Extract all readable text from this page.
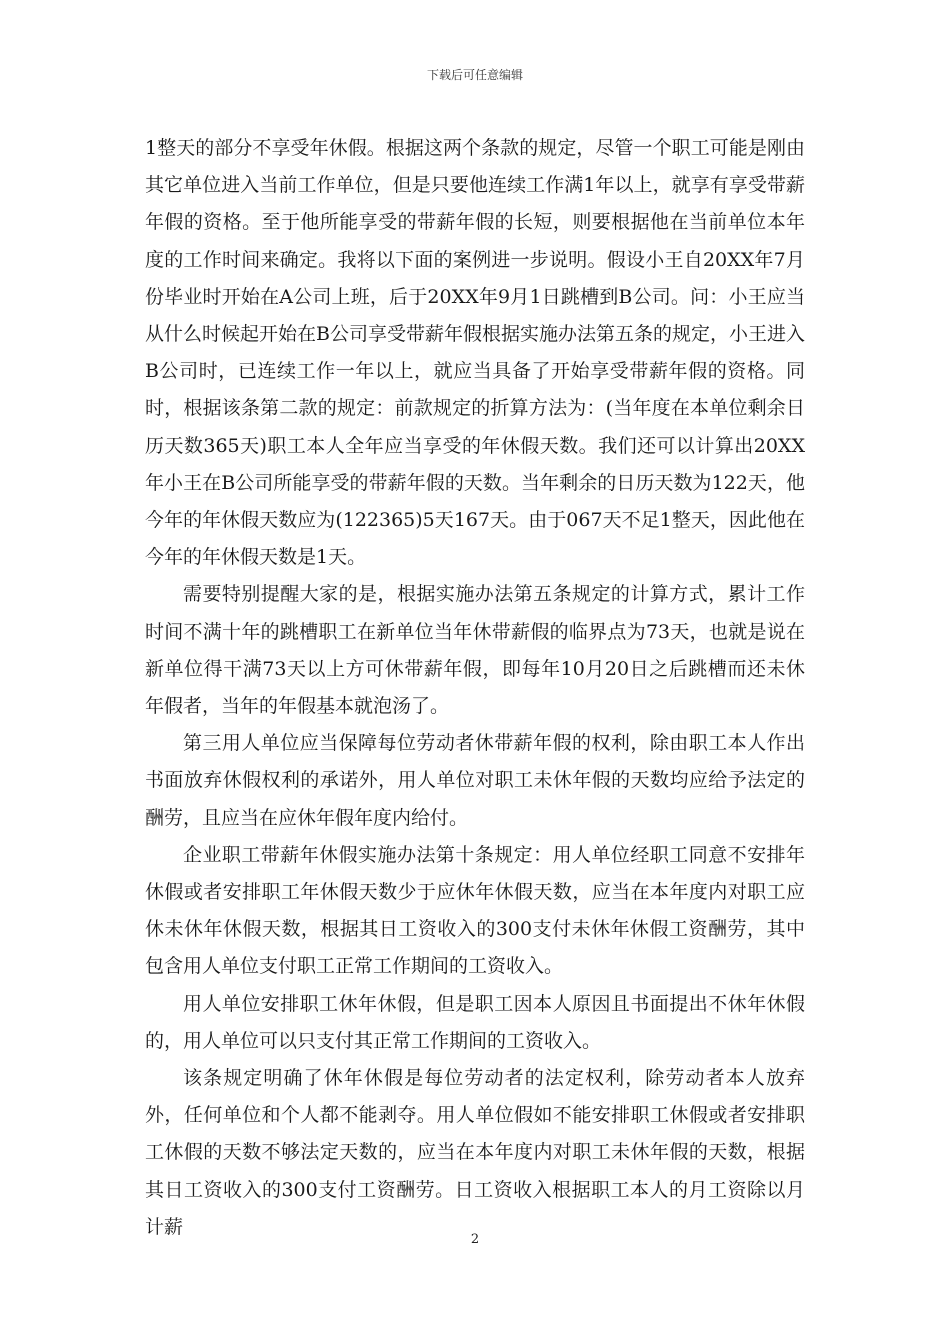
下载后可任意编辑

1整天的部分不享受年休假。根据这两个条款的规定，尽管一个职工可能是刚由其它单位进入当前工作单位，但是只要他连续工作满1年以上，就享有享受带薪年假的资格。至于他所能享受的带薪年假的长短，则要根据他在当前单位本年度的工作时间来确定。我将以下面的案例进一步说明。假设小王自20XX年7月份毕业时开始在A公司上班，后于20XX年9月1日跳槽到B公司。问：小王应当从什么时候起开始在B公司享受带薪年假根据实施办法第五条的规定，小王进入B公司时，已连续工作一年以上，就应当具备了开始享受带薪年假的资格。同时，根据该条第二款的规定：前款规定的折算方法为：(当年度在本单位剩余日历天数365天)职工本人全年应当享受的年休假天数。我们还可以计算出20XX年小王在B公司所能享受的带薪年假的天数。当年剩余的日历天数为122天，他今年的年休假天数应为(122365)5天167天。由于067天不足1整天，因此他在今年的年休假天数是1天。

需要特别提醒大家的是，根据实施办法第五条规定的计算方式，累计工作时间不满十年的跳槽职工在新单位当年休带薪假的临界点为73天，也就是说在新单位得干满73天以上方可休带薪年假，即每年10月20日之后跳槽而还未休年假者，当年的年假基本就泡汤了。

第三用人单位应当保障每位劳动者休带薪年假的权利，除由职工本人作出书面放弃休假权利的承诺外，用人单位对职工未休年假的天数均应给予法定的酬劳，且应当在应休年假年度内给付。

企业职工带薪年休假实施办法第十条规定：用人单位经职工同意不安排年休假或者安排职工年休假天数少于应休年休假天数，应当在本年度内对职工应休未休年休假天数，根据其日工资收入的300支付未休年休假工资酬劳，其中包含用人单位支付职工正常工作期间的工资收入。

用人单位安排职工休年休假，但是职工因本人原因且书面提出不休年休假的，用人单位可以只支付其正常工作期间的工资收入。

该条规定明确了休年休假是每位劳动者的法定权利，除劳动者本人放弃外，任何单位和个人都不能剥夺。用人单位假如不能安排职工休假或者安排职工休假的天数不够法定天数的，应当在本年度内对职工未休年假的天数，根据其日工资收入的300支付工资酬劳。日工资收入根据职工本人的月工资除以月计薪

2
